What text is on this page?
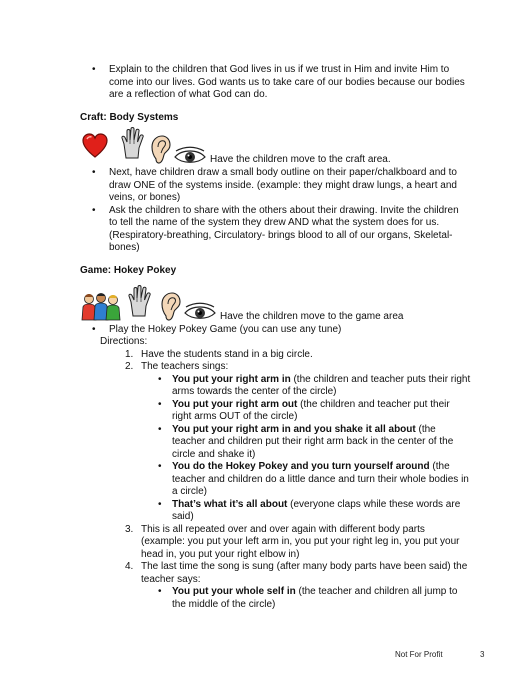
• Explain to the children that God lives in us if we trust in Him and invite Him to
come into our lives. God wants us to take care of our bodies because our bodies
are a reflection of what God can do.
Craft: Body Systems
Have the children move to the craft area.
• Next, have children draw a small body outline on their paper/chalkboard and to
draw ONE of the systems inside. (example: they might draw lungs, a heart and
veins, or bones)
• Ask the children to share with the others about their drawing. Invite the children
to tell the name of the system they drew AND what the system does for us.
(Respiratory-breathing, Circulatory- brings blood to all of our organs, Skeletal-
bones)
Game: Hokey Pokey
Have the children move to the game area
• Play the Hokey Pokey Game (you can use any tune)
Directions:
1. Have the students stand in a big circle.
2. The teachers sings:
• You put your right arm in (the children and teacher puts their right
arms towards the center of the circle)
• You put your right arm out (the children and teacher put their
right arms OUT of the circle)
• You put your right arm in and you shake it all about (the
teacher and children put their right arm back in the center of the
circle and shake it)
• You do the Hokey Pokey and you turn yourself around (the
teacher and children do a little dance and turn their whole bodies in
a circle)
• That’s what it’s all about (everyone claps while these words are
said)
3. This is all repeated over and over again with different body parts
(example: you put your left arm in, you put your right leg in, you put your
head in, you put your right elbow in)
4. The last time the song is sung (after many body parts have been said) the
teacher says:
• You put your whole self in (the teacher and children all jump to
the middle of the circle)
Not For Profit	3
